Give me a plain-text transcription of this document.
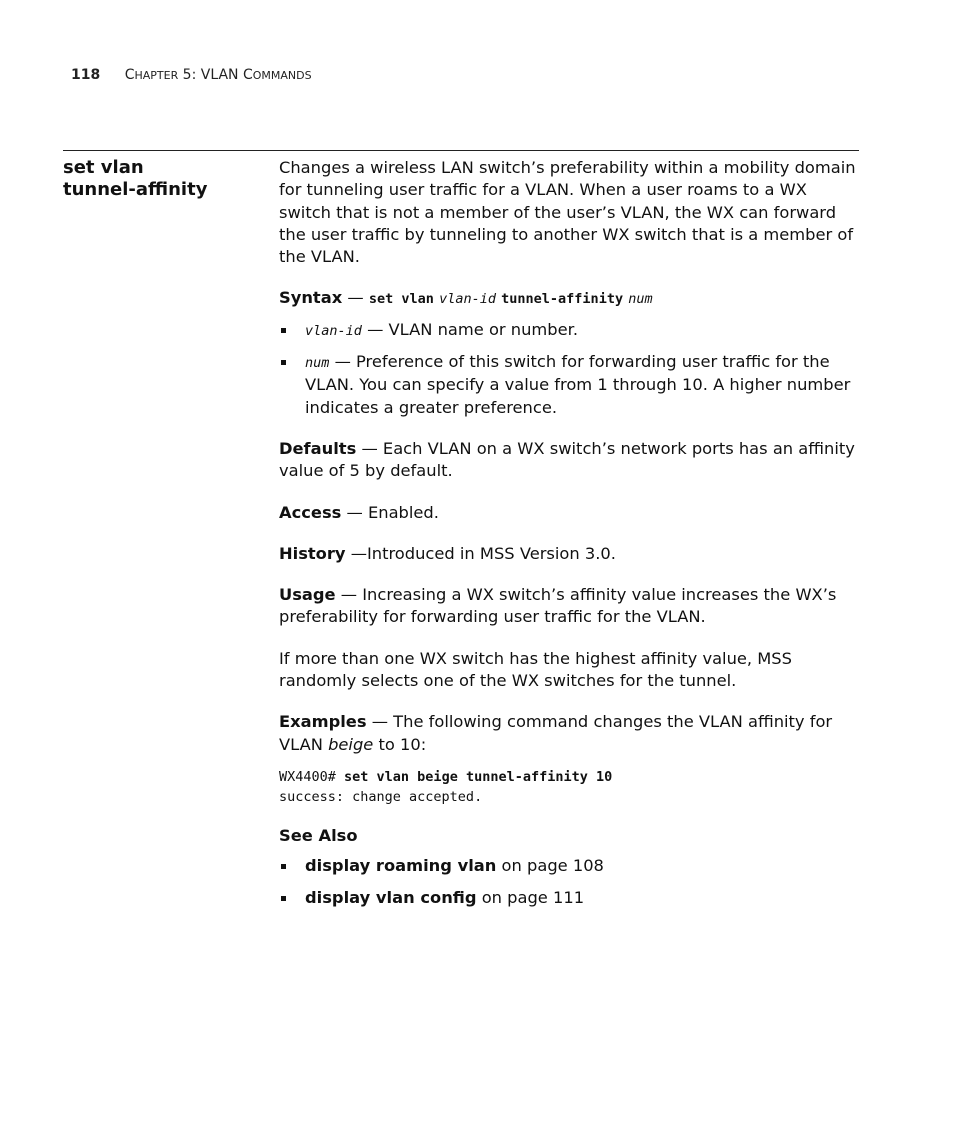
118 CHAPTER 5: VLAN COMMANDS
set vlan
tunnel-affinity

Changes a wireless LAN switch’s preferability within a mobility domain for tunneling user traffic for a VLAN. When a user roams to a WX switch that is not a member of the user’s VLAN, the WX can forward the user traffic by tunneling to another WX switch that is a member of the VLAN.

Syntax — set vlan vlan-id tunnel-affinity num

vlan-id — VLAN name or number.
num — Preference of this switch for forwarding user traffic for the VLAN. You can specify a value from 1 through 10. A higher number indicates a greater preference.

Defaults — Each VLAN on a WX switch’s network ports has an affinity value of 5 by default.

Access — Enabled.

History —Introduced in MSS Version 3.0.

Usage — Increasing a WX switch’s affinity value increases the WX’s preferability for forwarding user traffic for the VLAN.

If more than one WX switch has the highest affinity value, MSS randomly selects one of the WX switches for the tunnel.

Examples — The following command changes the VLAN affinity for VLAN beige to 10:

WX4400# set vlan beige tunnel-affinity 10
success: change accepted.

See Also

display roaming vlan on page 108
display vlan config on page 111
